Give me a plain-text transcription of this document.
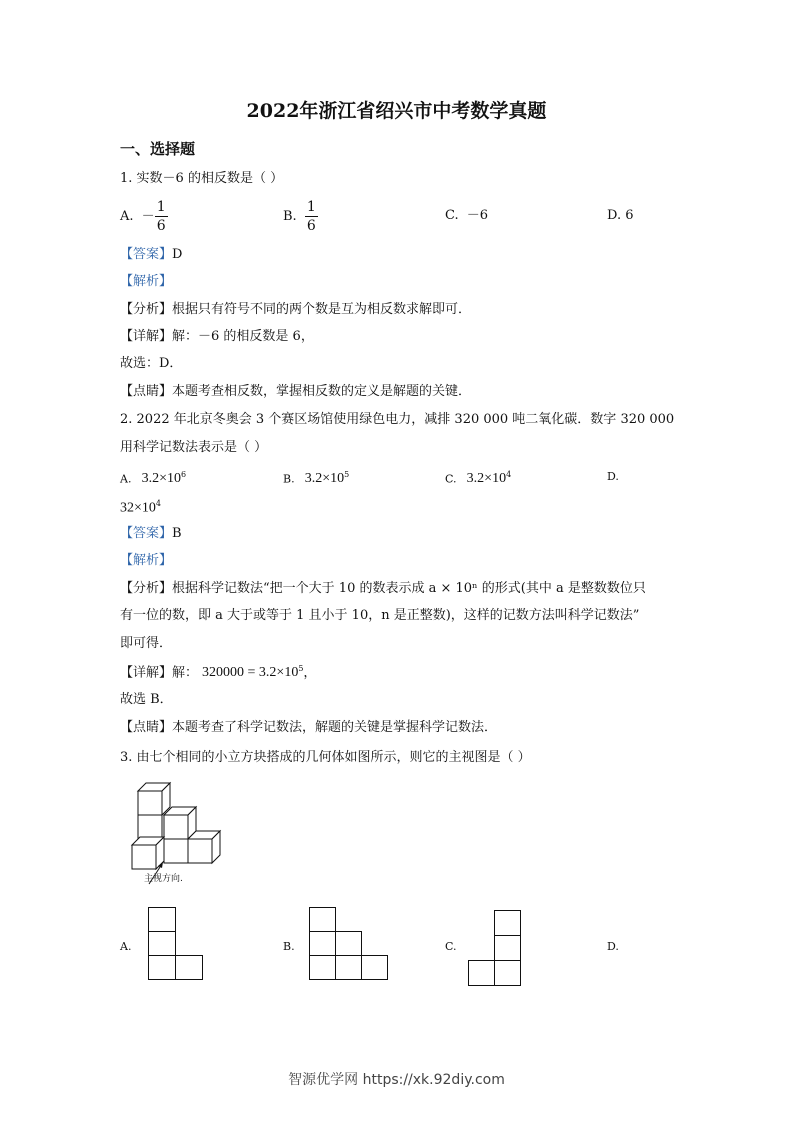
2022年浙江省绍兴市中考数学真题
一、选择题
1. 实数－6 的相反数是（ ）
A. － $\frac{1}{6}$	B. $\frac{1}{6}$	C. －6	D. 6
【答案】D
【解析】
【分析】根据只有符号不同的两个数是互为相反数求解即可．
【详解】解：－6 的相反数是 6，
故选：D．
【点睛】本题考查相反数，掌握相反数的定义是解题的关键．
2. 2022 年北京冬奥会 3 个赛区场馆使用绿色电力，减排 320 000 吨二氧化碳．数字 320 000
用科学记数法表示是（ ）
A. $3.2\times 10^6$	B. $3.2\times 10^5$	C. $3.2\times 10^4$	D.
$32\times 10^4$
【答案】B
【解析】
【分析】根据科学记数法“把一个大于 10 的数表示成 a × 10ⁿ 的形式(其中 a 是整数数位只
有一位的数，即 a 大于或等于 1 且小于 10，n 是正整数)，这样的记数方法叫科学记数法”
即可得．
【详解】解： $320000 = 3.2\times 10^5$，
故选 B．
【点睛】本题考查了科学记数法，解题的关键是掌握科学记数法．
3. 由七个相同的小立方块搭成的几何体如图所示，则它的主视图是（ ）
主视方向.
A.	B.	C.	D.
智源优学网 https://xk.92diy.com
